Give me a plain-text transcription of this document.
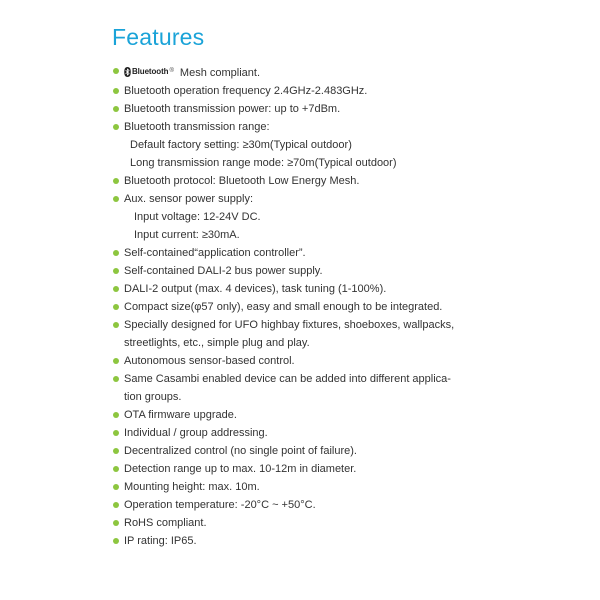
Features
Bluetooth ® Mesh compliant.
Bluetooth operation frequency 2.4GHz-2.483GHz.
Bluetooth transmission power: up to +7dBm.
Bluetooth transmission range:
Default factory setting: ≥30m(Typical outdoor)
Long transmission range mode: ≥70m(Typical outdoor)
Bluetooth protocol: Bluetooth Low Energy Mesh.
Aux. sensor power supply:
Input voltage: 12-24V DC.
Input current: ≥30mA.
Self-contained“application controller”.
Self-contained DALI-2 bus power supply.
DALI-2 output (max. 4 devices), task tuning (1-100%).
Compact size(φ57 only), easy and small enough to be integrated.
Specially designed for UFO highbay fixtures, shoeboxes, wallpacks,
streetlights, etc., simple plug and play.
Autonomous sensor-based control.
Same Casambi enabled device can be added into different applica-
tion groups.
OTA firmware upgrade.
Individual / group addressing.
Decentralized control (no single point of failure).
Detection range up to max. 10-12m in diameter.
Mounting height: max. 10m.
Operation temperature: -20°C ~ +50°C.
RoHS compliant.
IP rating: IP65.
